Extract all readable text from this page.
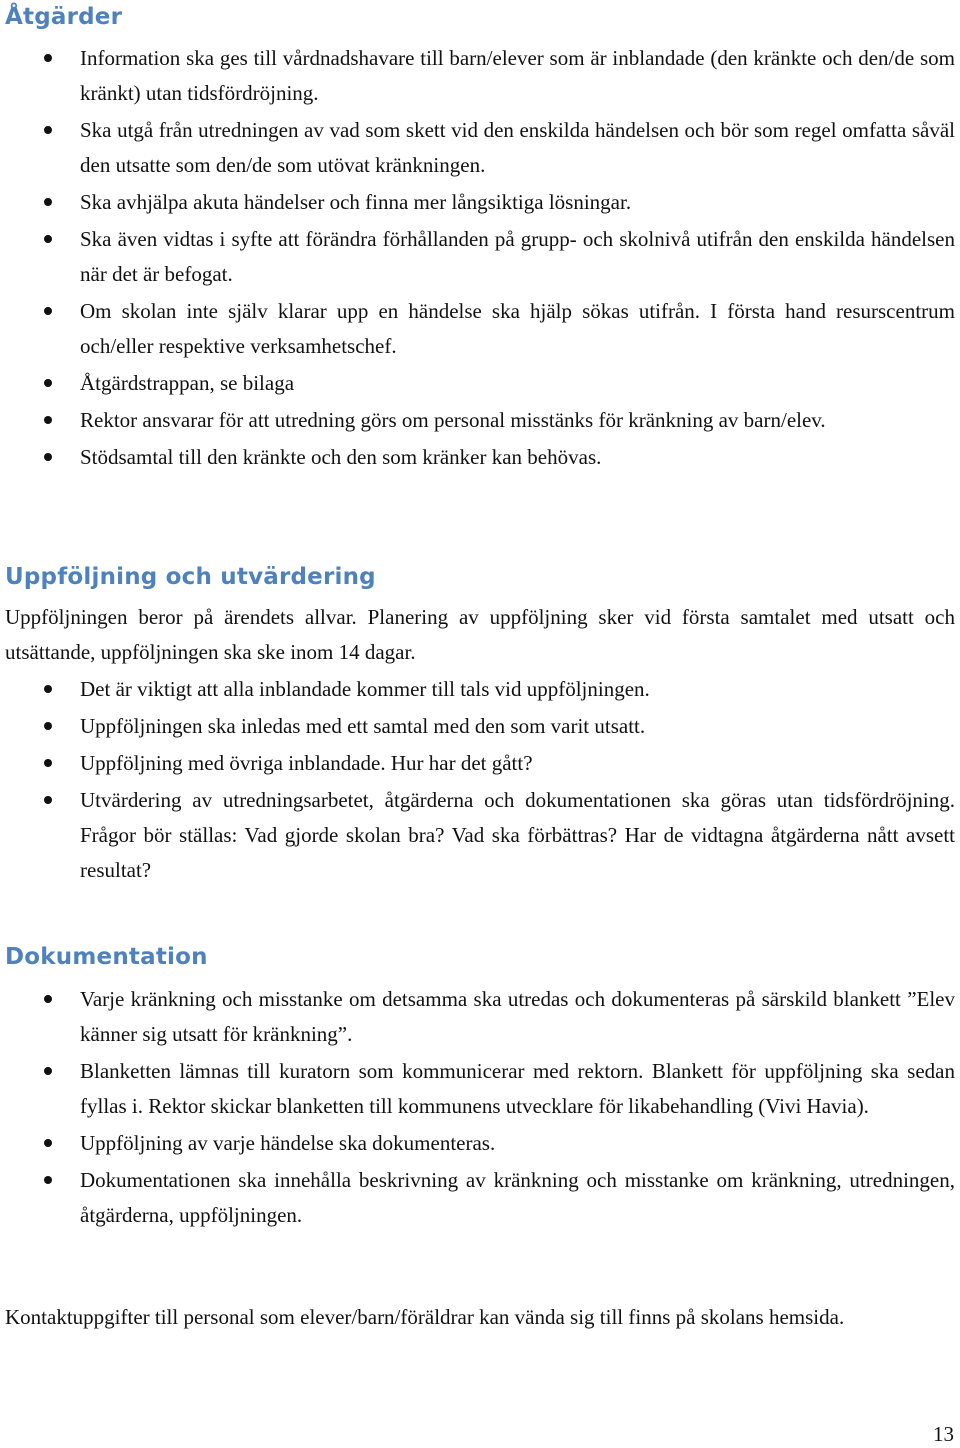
Åtgärder
Information ska ges till vårdnadshavare till barn/elever som är inblandade (den kränkte och den/de som kränkt) utan tidsfördröjning.
Ska utgå från utredningen av vad som skett vid den enskilda händelsen och bör som regel omfatta såväl den utsatte som den/de som utövat kränkningen.
Ska avhjälpa akuta händelser och finna mer långsiktiga lösningar.
Ska även vidtas i syfte att förändra förhållanden på grupp- och skolnivå utifrån den enskilda händelsen när det är befogat.
Om skolan inte själv klarar upp en händelse ska hjälp sökas utifrån. I första hand resurscentrum och/eller respektive verksamhetschef.
Åtgärdstrappan, se bilaga
Rektor ansvarar för att utredning görs om personal misstänks för kränkning av barn/elev.
Stödsamtal till den kränkte och den som kränker kan behövas.
Uppföljning och utvärdering

Uppföljningen beror på ärendets allvar. Planering av uppföljning sker vid första samtalet med utsatt och utsättande, uppföljningen ska ske inom 14 dagar.

Det är viktigt att alla inblandade kommer till tals vid uppföljningen.
Uppföljningen ska inledas med ett samtal med den som varit utsatt.
Uppföljning med övriga inblandade. Hur har det gått?
Utvärdering av utredningsarbetet, åtgärderna och dokumentationen ska göras utan tidsfördröjning. Frågor bör ställas: Vad gjorde skolan bra? Vad ska förbättras? Har de vidtagna åtgärderna nått avsett resultat?
Dokumentation
Varje kränkning och misstanke om detsamma ska utredas och dokumenteras på särskild blankett ”Elev känner sig utsatt för kränkning”.
Blanketten lämnas till kuratorn som kommunicerar med rektorn. Blankett för uppföljning ska sedan fyllas i. Rektor skickar blanketten till kommunens utvecklare för likabehandling (Vivi Havia).
Uppföljning av varje händelse ska dokumenteras.
Dokumentationen ska innehålla beskrivning av kränkning och misstanke om kränkning, utredningen, åtgärderna, uppföljningen.

Kontaktuppgifter till personal som elever/barn/föräldrar kan vända sig till finns på skolans hemsida.

13
